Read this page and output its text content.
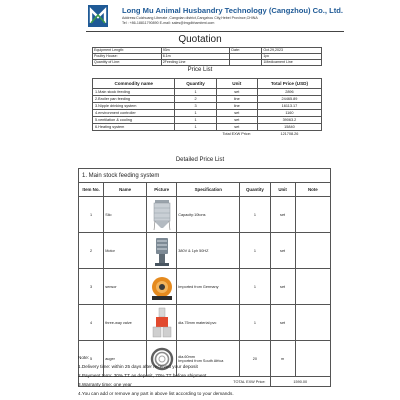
Long Mu Animal Husbandry Technology (Cangzhou) Co., Ltd.
Address:Cuizhuang Liberate ,Cangxian district,Cangzhou City,Hebei Province,CHINA
Tel : +86-18811790890 E-mail: sales@lmgdbhambmt.com
Quotation
Equipment Length:	93m	Date:	Oct.29,2023
Poultry House:	6.1m		1pc
Quantity of Line:	2Feeding Line		1Medicament Line
Price List
Commodity name	Quantity	Unit	Total Price (USD)
1.Main stock feeding	1	set	2896
2.Broiler pan feeding	2	line	24465.89
3.Nipple drinking system	3	line	16113.17
4.environment controller	1	set	1160
5.ventilation & cooling	1	set	39063.2
6.Heating system	1	set	15840
		Total EXW Price:	121708.26
Detailed Price List
1. Main stock feeding system						
Item No.	Name	Picture	Specification	Quantity	Unit	Note
1	Silo		Capacity:10tons	1	set	
2	Motor		380V & 1ph 50HZ	1	set	
3	sensor		Imported from Germany	1	set	
4	three-way valve		dia.75mm material:pvc	1	set	
5	auger		dia.60mm
Imported from South Africa	20	m	
TOTAL EXW Price:					1590.00	
Note:
1.Delivery time: within 25 days after received your deposit
2.Payment term: 30% TT as deposit, 70% TT before shipment
3.Warranty time: one year
4.You can add or remove any part in above list according to your demands.
